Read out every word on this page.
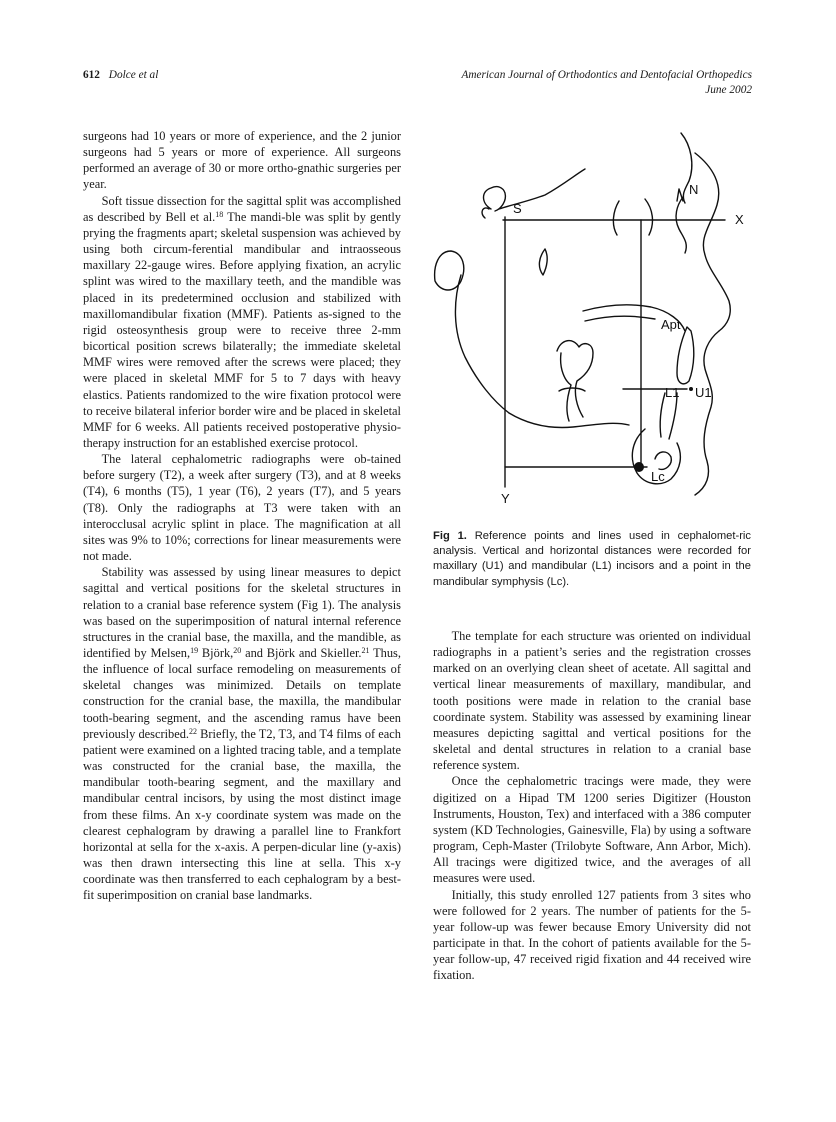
612 Dolce et al	American Journal of Orthodontics and Dentofacial Orthopedics
June 2002

surgeons had 10 years or more of experience, and the 2 junior surgeons had 5 years or more of experience. All surgeons performed an average of 30 or more ortho-gnathic surgeries per year.

Soft tissue dissection for the sagittal split was accomplished as described by Bell et al.$^{18}$ The mandi-ble was split by gently prying the fragments apart; skeletal suspension was achieved by using both circum-ferential mandibular and intraosseous maxillary 22-gauge wires. Before applying fixation, an acrylic splint was wired to the maxillary teeth, and the mandible was placed in its predetermined occlusion and stabilized with maxillomandibular fixation (MMF). Patients as-signed to the rigid osteosynthesis group were to receive three 2-mm bicortical position screws bilaterally; the immediate skeletal MMF wires were removed after the screws were placed; they were placed in skeletal MMF for 5 to 7 days with heavy elastics. Patients randomized to the wire fixation protocol were to receive bilateral inferior border wire and be placed in skeletal MMF for 6 weeks. All patients received postoperative physio-therapy instruction for an established exercise protocol.

The lateral cephalometric radiographs were ob-tained before surgery (T2), a week after surgery (T3), and at 8 weeks (T4), 6 months (T5), 1 year (T6), 2 years (T7), and 5 years (T8). Only the radiographs at T3 were taken with an interocclusal acrylic splint in place. The magnification at all sites was 9% to 10%; corrections for linear measurements were not made.

Stability was assessed by using linear measures to depict sagittal and vertical positions for the skeletal structures in relation to a cranial base reference system (Fig 1). The analysis was based on the superimposition of natural internal reference structures in the cranial base, the maxilla, and the mandible, as identified by Melsen,$^{19}$ Björk,$^{20}$ and Björk and Skieller.$^{21}$ Thus, the influence of local surface remodeling on measurements of skeletal changes was minimized. Details on template construction for the cranial base, the maxilla, the mandibular tooth-bearing segment, and the ascending ramus have been previously described.$^{22}$ Briefly, the T2, T3, and T4 films of each patient were examined on a lighted tracing table, and a template was constructed for the cranial base, the maxilla, the mandibular tooth-bearing segment, and the maxillary and mandibular central incisors, by using the most distinct image from these films. An x-y coordinate system was made on the clearest cephalogram by drawing a parallel line to Frankfort horizontal at sella for the x-axis. A perpen-dicular line (y-axis) was then drawn intersecting this line at sella. This x-y coordinate was then transferred to each cephalogram by a best-fit superimposition on cranial base landmarks.

S
N
X
Y
Apt
L1 U1
Lc
Fig 1. Reference points and lines used in cephalomet-ric analysis. Vertical and horizontal distances were recorded for maxillary (U1) and mandibular (L1) incisors and a point in the mandibular symphysis (Lc).

The template for each structure was oriented on individual radiographs in a patient’s series and the registration crosses marked on an overlying clean sheet of acetate. All sagittal and vertical linear measurements of maxillary, mandibular, and tooth positions were made in relation to the cranial base coordinate system. Stability was assessed by examining linear measures depicting sagittal and vertical positions for the skeletal and dental structures in relation to a cranial base reference system.

Once the cephalometric tracings were made, they were digitized on a Hipad TM 1200 series Digitizer (Houston Instruments, Houston, Tex) and interfaced with a 386 computer system (KD Technologies, Gainesville, Fla) by using a software program, Ceph-Master (Trilobyte Software, Ann Arbor, Mich). All tracings were digitized twice, and the averages of all measures were used.

Initially, this study enrolled 127 patients from 3 sites who were followed for 2 years. The number of patients for the 5-year follow-up was fewer because Emory University did not participate in that. In the cohort of patients available for the 5-year follow-up, 47 received rigid fixation and 44 received wire fixation.
